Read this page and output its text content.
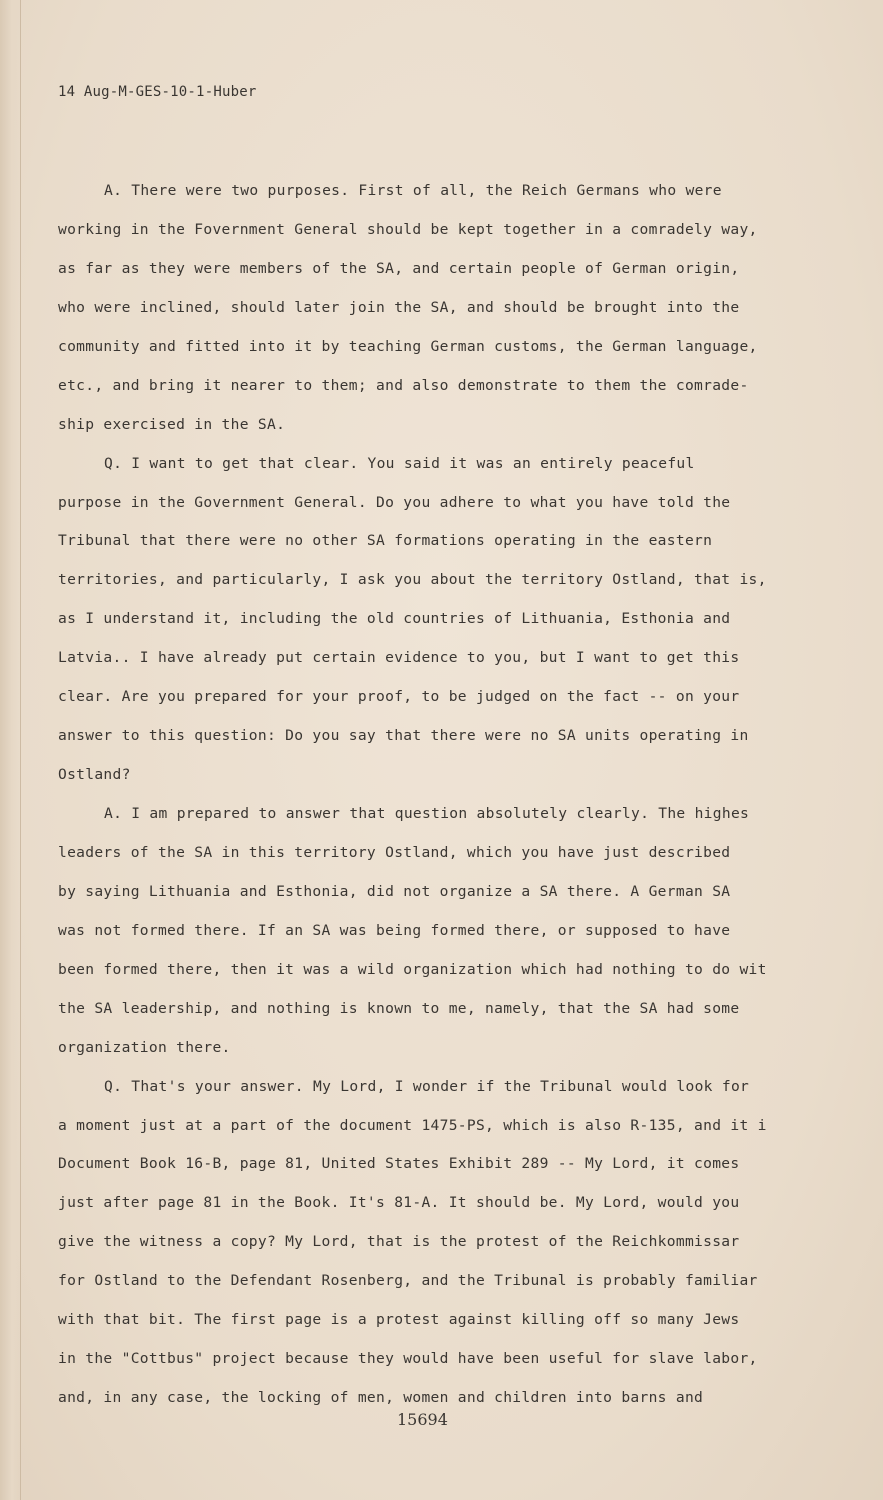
14 Aug-M-GES-10-1-Huber
A. There were two purposes. First of all, the Reich Germans who were
working in the Fovernment General should be kept together in a comradely way,
as far as they were members of the SA, and certain people of German origin,
who were inclined, should later join the SA, and should be brought into the
community and fitted into it by teaching German customs, the German language,
etc., and bring it nearer to them; and also demonstrate to them the comrade-
ship exercised in the SA.
Q. I want to get that clear. You said it was an entirely peaceful
purpose in the Government General. Do you adhere to what you have told the
Tribunal that there were no other SA formations operating in the eastern
territories, and particularly, I ask you about the territory Ostland, that is,
as I understand it, including the old countries of Lithuania, Esthonia and
Latvia.. I have already put certain evidence to you, but I want to get this
clear. Are you prepared for your proof, to be judged on the fact -- on your
answer to this question: Do you say that there were no SA units operating in
Ostland?
A. I am prepared to answer that question absolutely clearly. The highes
leaders of the SA in this territory Ostland, which you have just described
by saying Lithuania and Esthonia, did not organize a SA there. A German SA
was not formed there. If an SA was being formed there, or supposed to have
been formed there, then it was a wild organization which had nothing to do wit
the SA leadership, and nothing is known to me, namely, that the SA had some
organization there.
Q. That's your answer. My Lord, I wonder if the Tribunal would look for
a moment just at a part of the document 1475-PS, which is also R-135, and it i
Document Book 16-B, page 81, United States Exhibit 289 -- My Lord, it comes
just after page 81 in the Book. It's 81-A. It should be. My Lord, would you
give the witness a copy? My Lord, that is the protest of the Reichkommissar
for Ostland to the Defendant Rosenberg, and the Tribunal is probably familiar
with that bit. The first page is a protest against killing off so many Jews
in the "Cottbus" project because they would have been useful for slave labor,
and, in any case, the locking of men, women and children into barns and
15694
